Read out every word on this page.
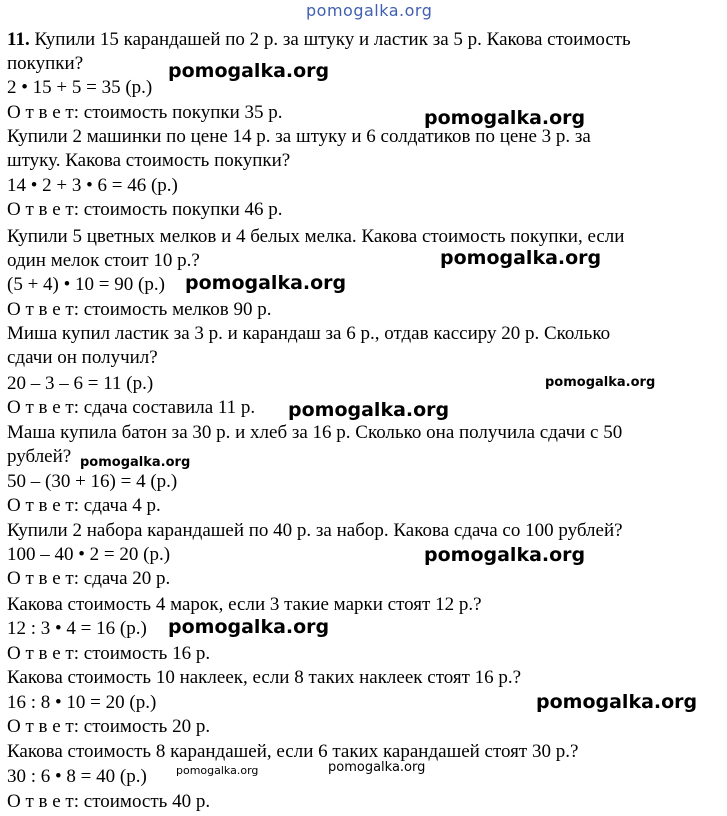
pomogalka.org
11. Купили 15 карандашей по 2 р. за штуку и ластик за 5 р. Какова стоимость
покупки?
2 • 15 + 5 = 35 (р.)
О т в е т: стоимость покупки 35 р.
Купили 2 машинки по цене 14 р. за штуку и 6 солдатиков по цене 3 р. за
штуку. Какова стоимость покупки?
14 • 2 + 3 • 6 = 46 (р.)
О т в е т: стоимость покупки 46 р.
Купили 5 цветных мелков и 4 белых мелка. Какова стоимость покупки, если
один мелок стоит 10 р.?
(5 + 4) • 10 = 90 (р.)
О т в е т: стоимость мелков 90 р.
Миша купил ластик за 3 р. и карандаш за 6 р., отдав кассиру 20 р. Сколько
сдачи он получил?
20 – 3 – 6 = 11 (р.)
О т в е т: сдача составила 11 р.
Маша купила батон за 30 р. и хлеб за 16 р. Сколько она получила сдачи с 50
рублей?
50 – (30 + 16) = 4 (р.)
О т в е т: сдача 4 р.
Купили 2 набора карандашей по 40 р. за набор. Какова сдача со 100 рублей?
100 – 40 • 2 = 20 (р.)
О т в е т: сдача 20 р.
Какова стоимость 4 марок, если 3 такие марки стоят 12 р.?
12 : 3 • 4 = 16 (р.)
О т в е т: стоимость 16 р.
Какова стоимость 10 наклеек, если 8 таких наклеек стоят 16 р.?
16 : 8 • 10 = 20 (р.)
О т в е т: стоимость 20 р.
Какова стоимость 8 карандашей, если 6 таких карандашей стоят 30 р.?
30 : 6 • 8 = 40 (р.)
О т в е т: стоимость 40 р.
pomogalka.org
pomogalka.org
pomogalka.org
pomogalka.org
pomogalka.org
pomogalka.org
pomogalka.org
pomogalka.org
pomogalka.org
pomogalka.org
pomogalka.org	pomogalka.org
